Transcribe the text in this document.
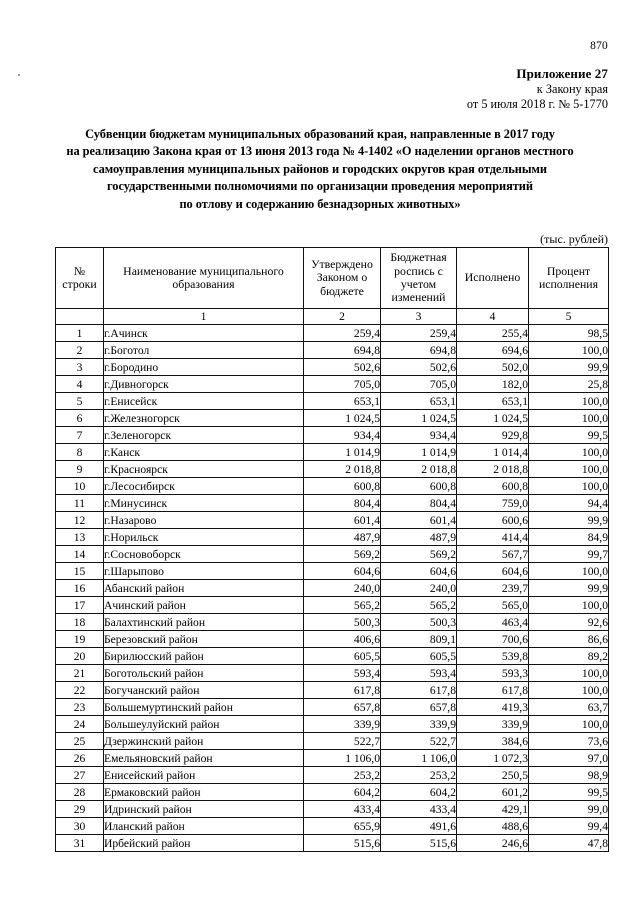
870
Приложение 27
к Закону края
от 5 июля 2018 г. № 5-1770
Субвенции бюджетам муниципальных образований края, направленные в 2017 году
на реализацию Закона края от 13 июня 2013 года № 4-1402 «О наделении органов местного
самоуправления муниципальных районов и городских округов края отдельными
государственными полномочиями по организации проведения мероприятий
по отлову и содержанию безнадзорных животных»
(тыс. рублей)
№
строки

Наименование муниципального
образования

Утверждено
Законом о
бюджете

Бюджетная
роспись с
учетом
изменений

Исполнено	Процент
исполнения

	1	2	3	4	5
1	г.Ачинск	259,4	259,4	255,4	98,5
2	г.Боготол	694,8	694,8	694,6	100,0
3	г.Бородино	502,6	502,6	502,0	99,9
4	г.Дивногорск	705,0	705,0	182,0	25,8
5	г.Енисейск	653,1	653,1	653,1	100,0
6	г.Железногорск	1 024,5	1 024,5	1 024,5	100,0
7	г.Зеленогорск	934,4	934,4	929,8	99,5
8	г.Канск	1 014,9	1 014,9	1 014,4	100,0
9	г.Красноярск	2 018,8	2 018,8	2 018,8	100,0
10	г.Лесосибирск	600,8	600,8	600,8	100,0
11	г.Минусинск	804,4	804,4	759,0	94,4
12	г.Назарово	601,4	601,4	600,6	99,9
13	г.Норильск	487,9	487,9	414,4	84,9
14	г.Сосновоборск	569,2	569,2	567,7	99,7
15	г.Шарыпово	604,6	604,6	604,6	100,0
16	Абанский район	240,0	240,0	239,7	99,9
17	Ачинский район	565,2	565,2	565,0	100,0
18	Балахтинский район	500,3	500,3	463,4	92,6
19	Березовский район	406,6	809,1	700,6	86,6
20	Бирилюсский район	605,5	605,5	539,8	89,2
21	Боготольский район	593,4	593,4	593,3	100,0
22	Богучанский район	617,8	617,8	617,8	100,0
23	Большемуртинский район	657,8	657,8	419,3	63,7
24	Большеулуйский район	339,9	339,9	339,9	100,0
25	Дзержинский район	522,7	522,7	384,6	73,6
26	Емельяновский район	1 106,0	1 106,0	1 072,3	97,0
27	Енисейский район	253,2	253,2	250,5	98,9
28	Ермаковский район	604,2	604,2	601,2	99,5
29	Идринский район	433,4	433,4	429,1	99,0
30	Иланский район	655,9	491,6	488,6	99,4
31	Ирбейский район	515,6	515,6	246,6	47,8
